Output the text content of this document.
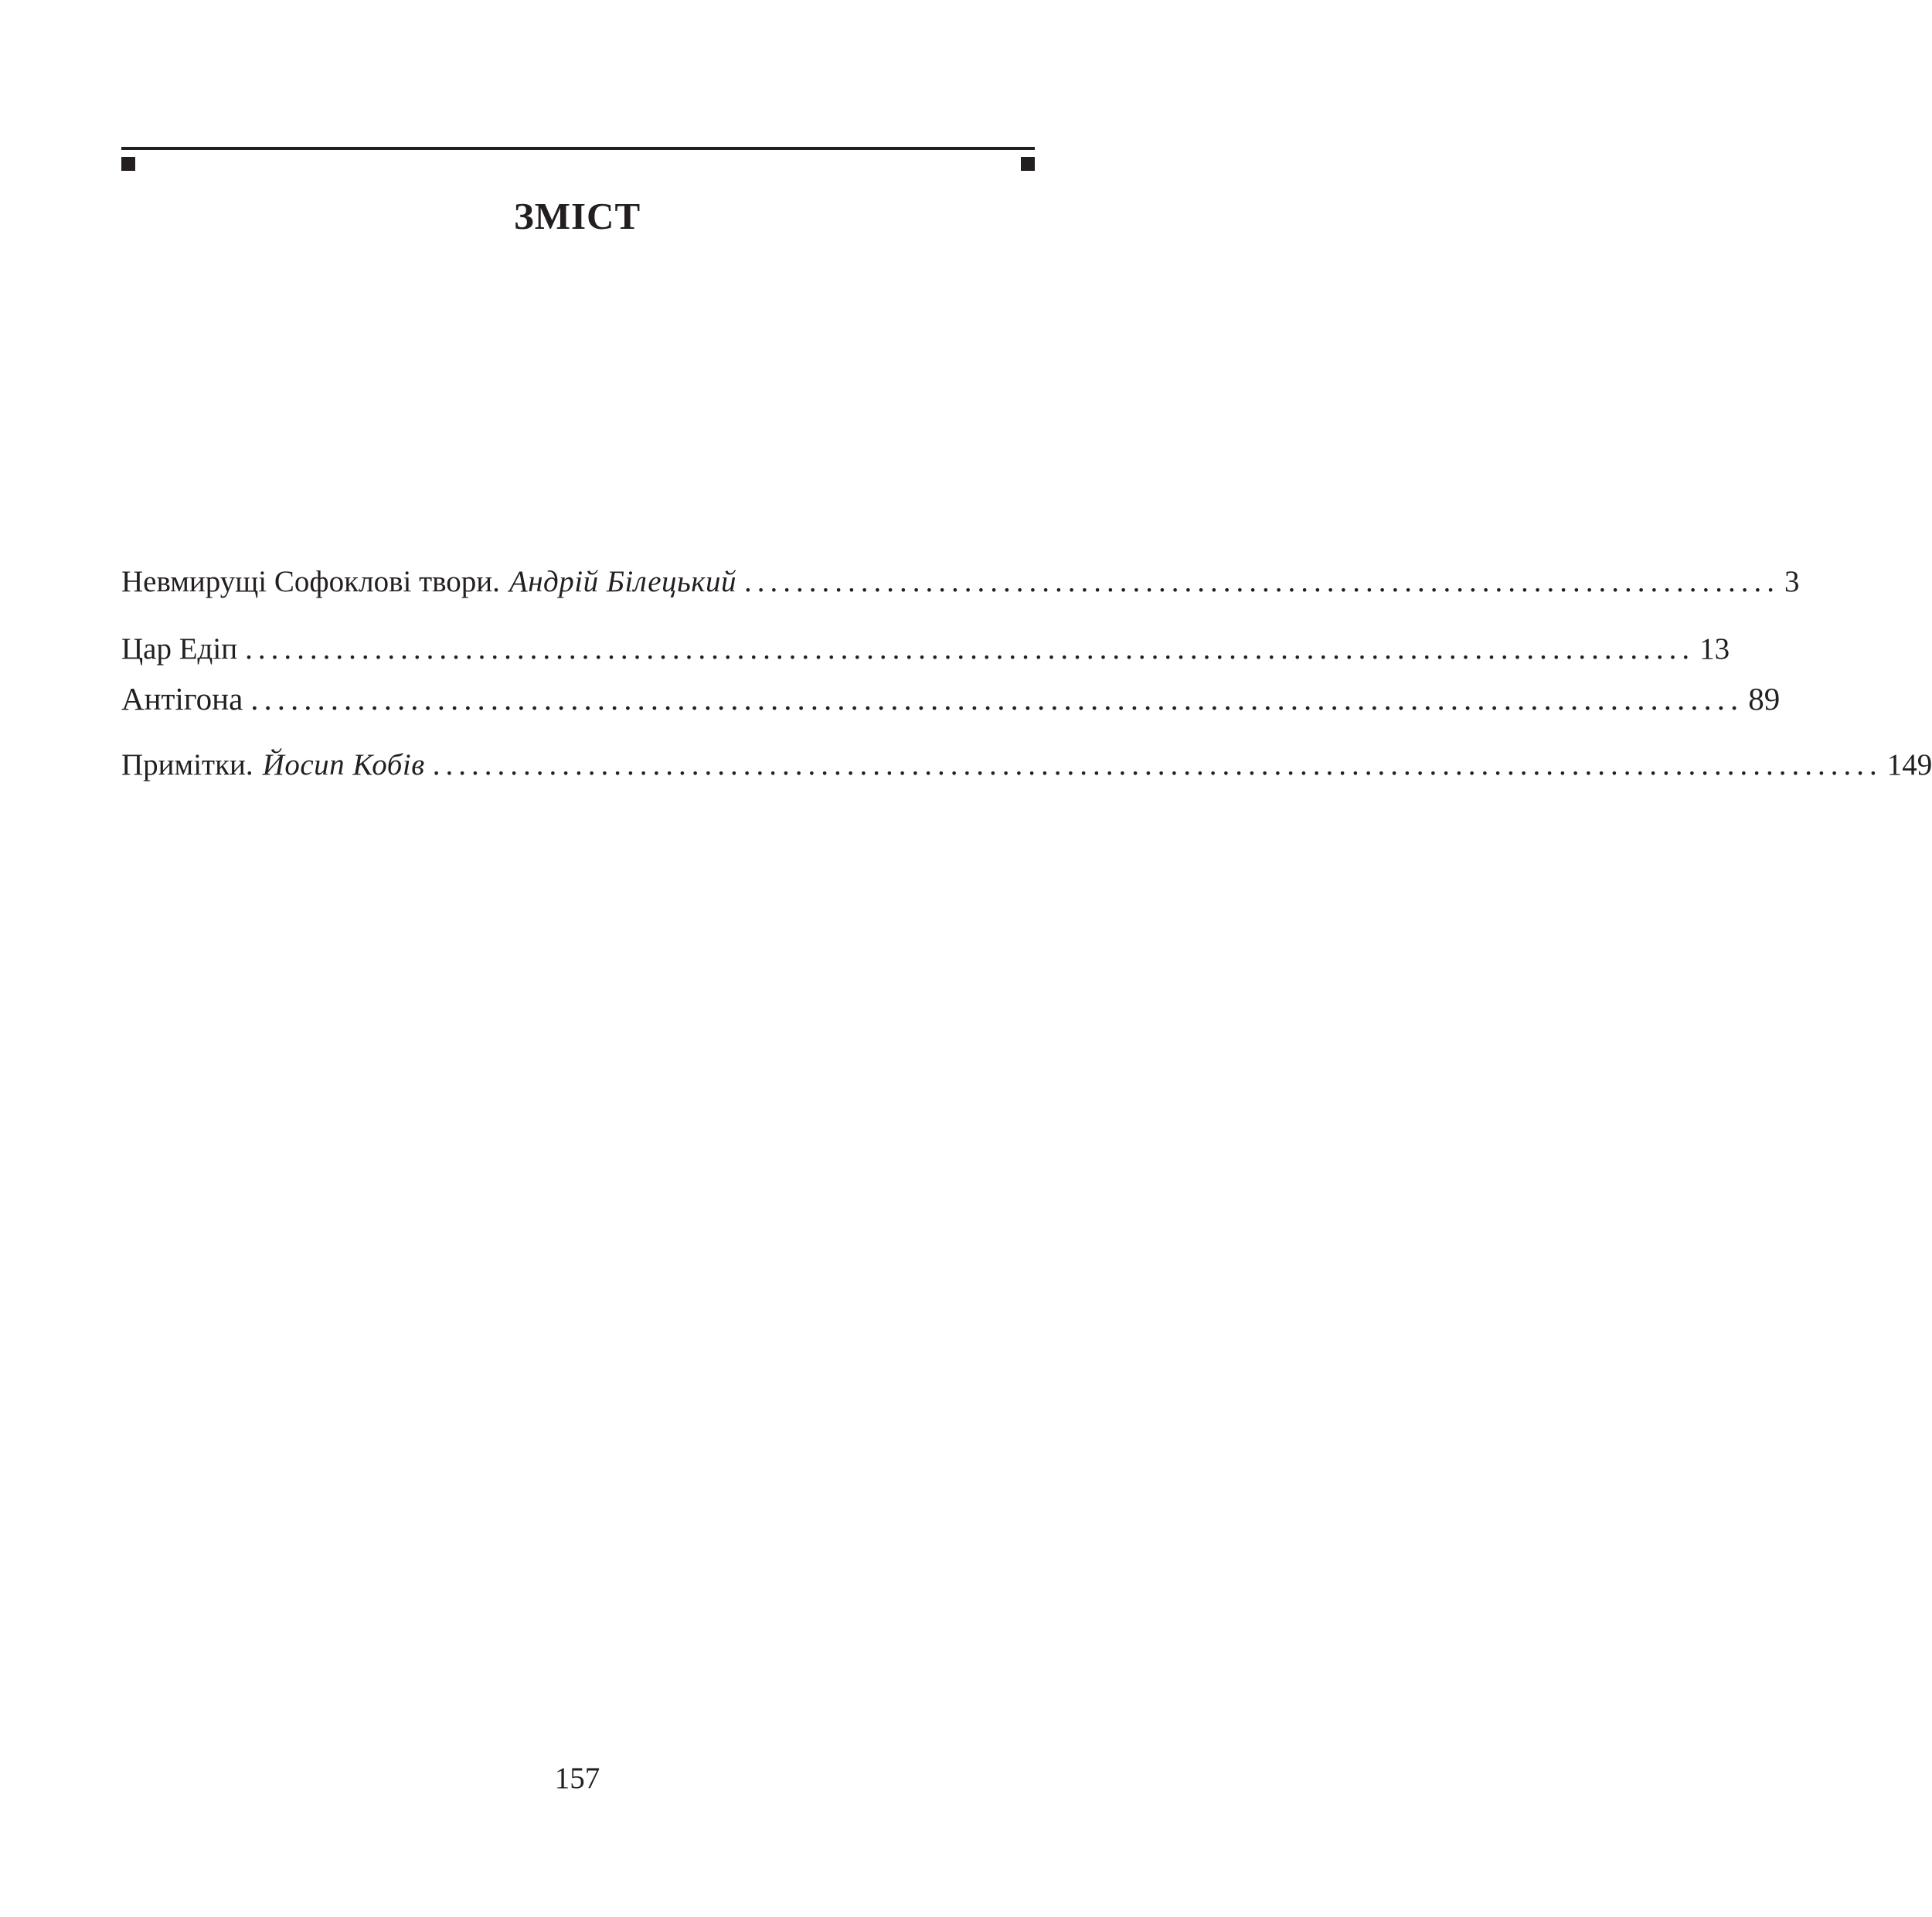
ЗМІСТ
Невмирущі Софоклові твори. Андрій Білецький ................................................................................ 3
Цар Едіп ................................................................................................................ 13
Антігона ................................................................................................................ 89
Примітки. Йосип Кобів ................................................................................................................ 149
157
